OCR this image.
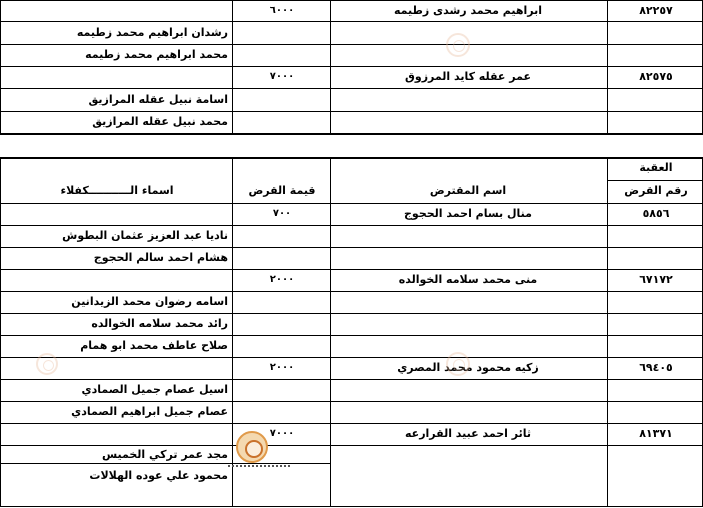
٨٢٢٥٧
ابراهيم محمد رشدى زطيمه
٦٠٠٠
رشدان ابراهيم محمد زطيمه
محمد ابراهيم محمد زطيمه
٨٢٥٧٥
عمر عقله كايد المرزوق
٧٠٠٠
اسامة نبيل عقله المرازيق
محمد نبيل عقله المرازيق
العقبة
رقم القرض
اسم المقترض
قيمة القرض
اسماء الـــــــــــكفلاء
٥٨٥٦
منال بسام احمد الحجوج
٧٠٠
ناديا عبد العزيز عثمان البطوش
هشام احمد سالم الحجوج
٦٧١٧٢
منى محمد سلامه الخوالده
٢٠٠٠
اسامه رضوان محمد الزيدانين
رائد محمد سلامه الخوالده
صلاح عاطف محمد ابو همام
٦٩٤٠٥
زكيه محمود محمد المصري
٢٠٠٠
اسيل عصام جميل الصمادي
عصام جميل ابراهيم الصمادي
٨١٣٧١
ثائر احمد عبيد القرارعه
٧٠٠٠
مجد عمر تركي الخميس
محمود علي عوده الهلالات
